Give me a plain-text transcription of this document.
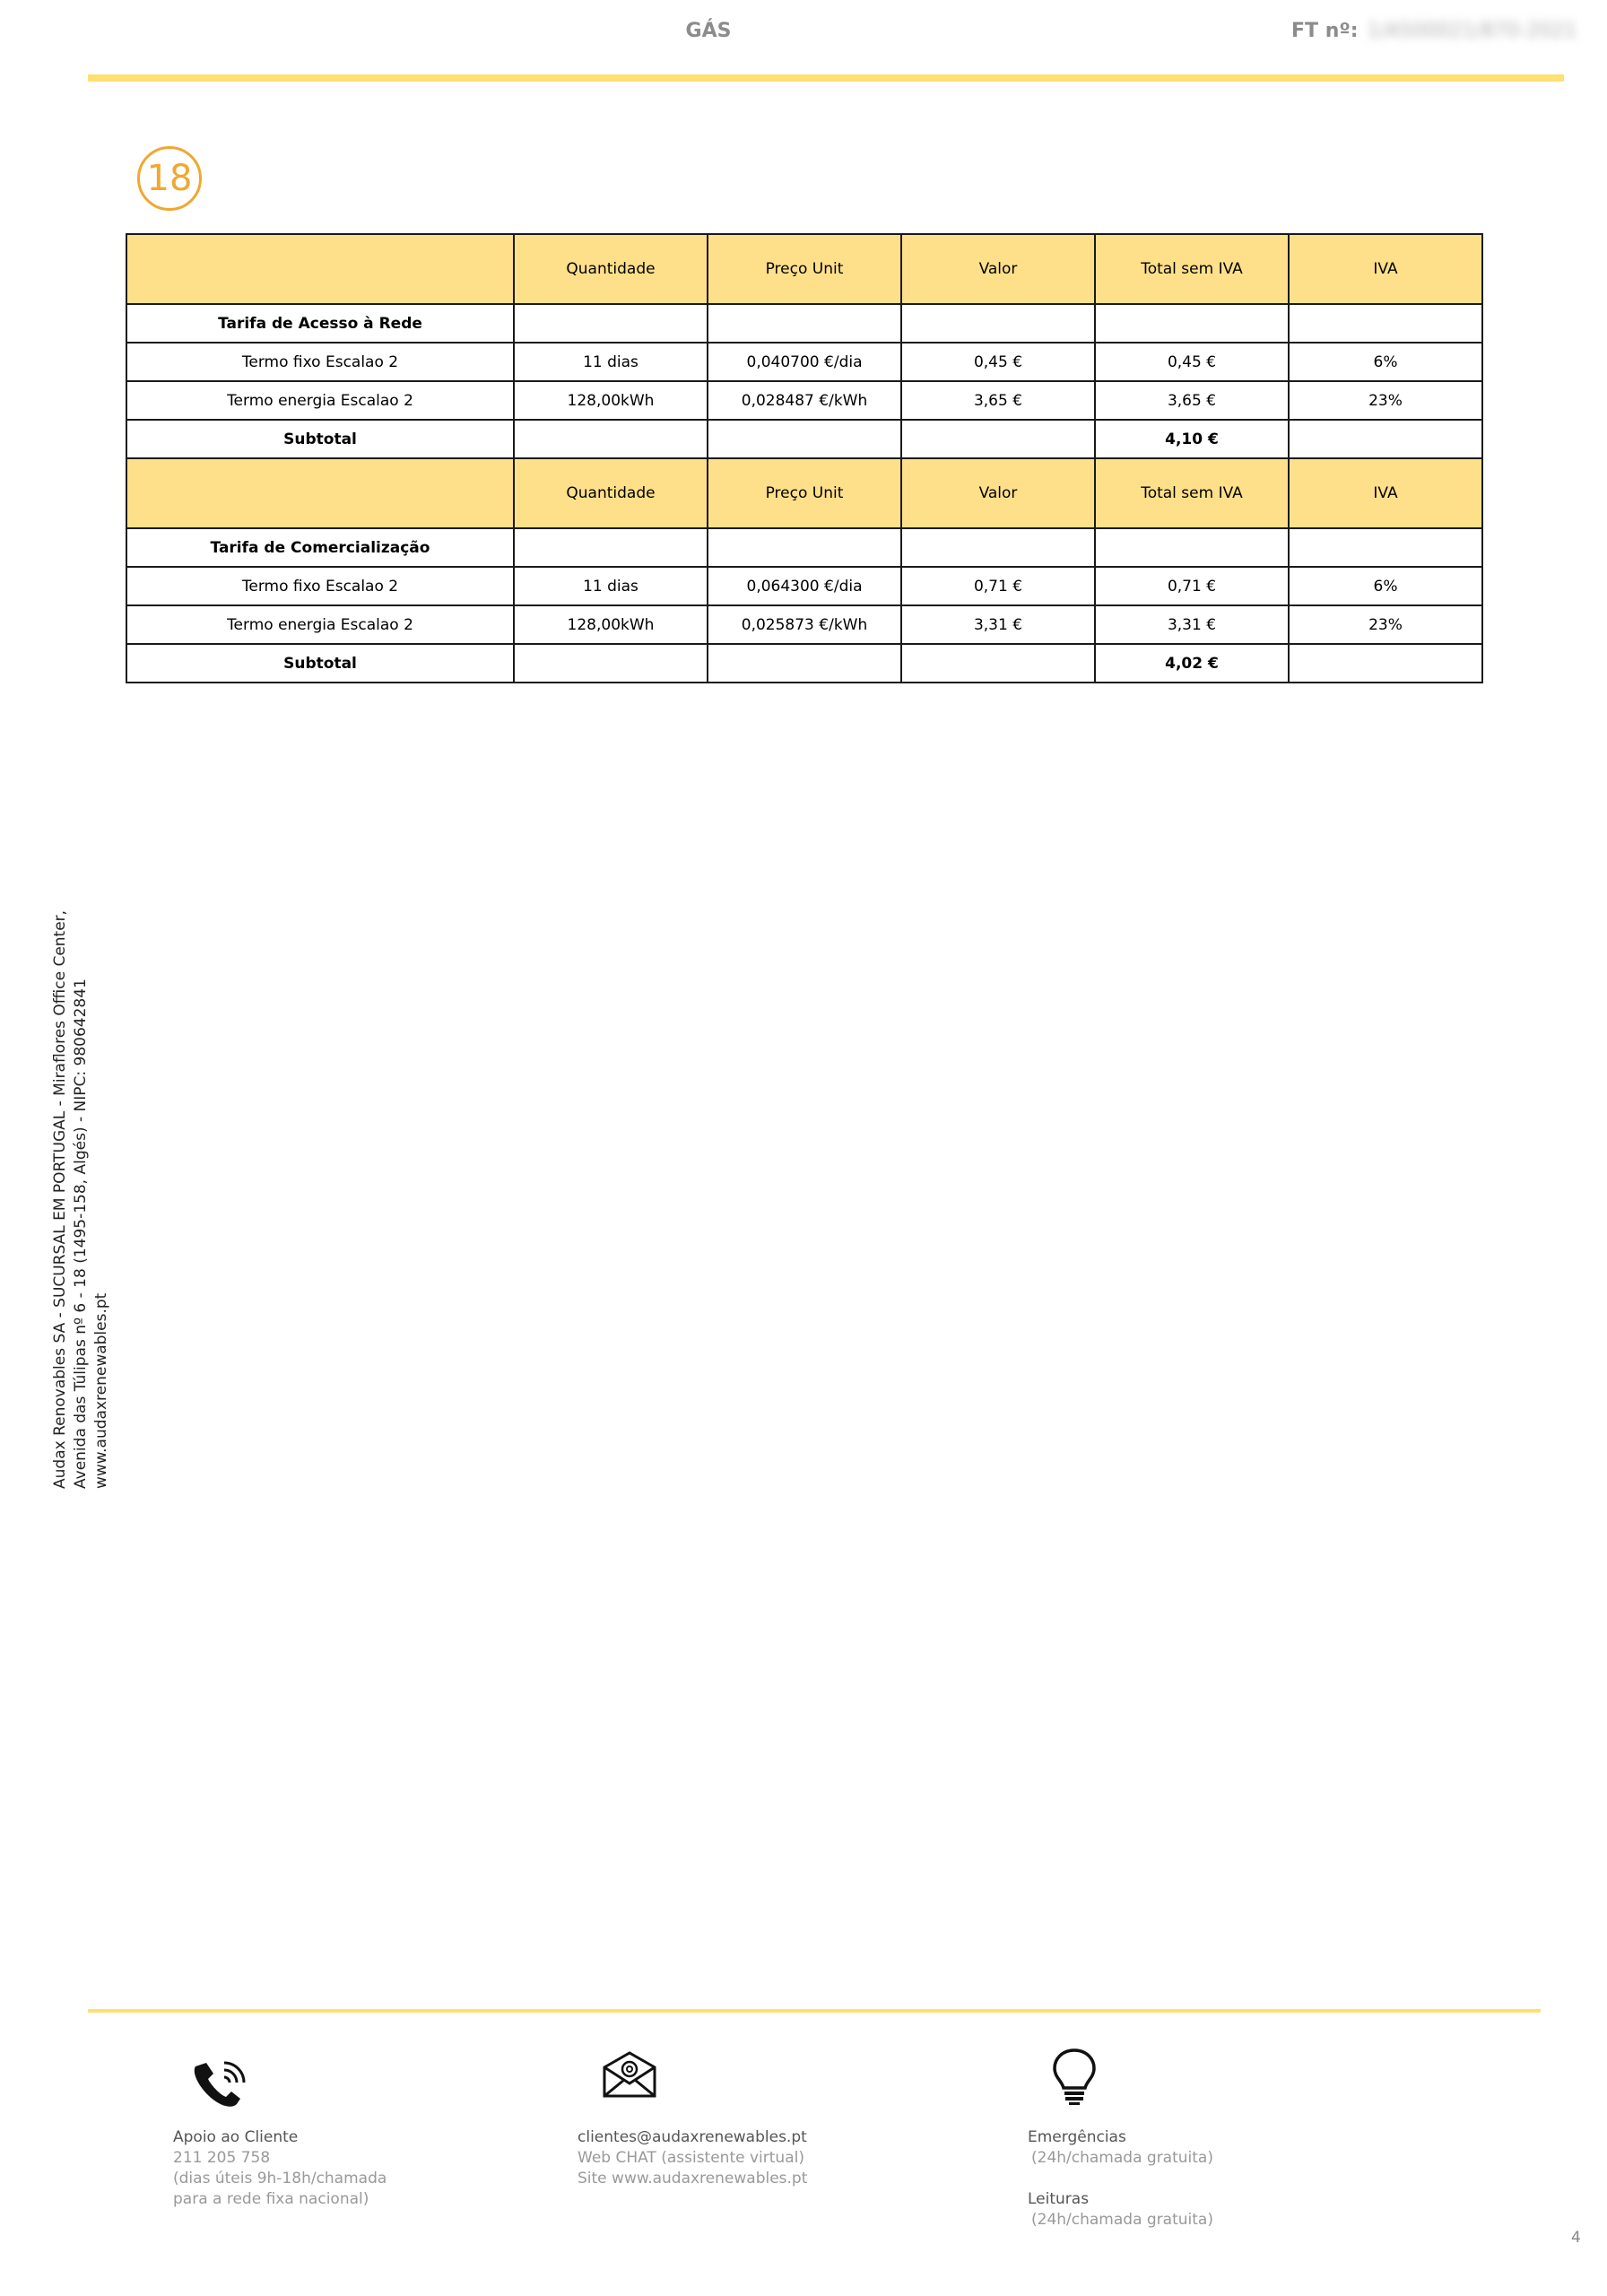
GÁS	FT nº: 1/A500021/870-2021
18
	Quantidade	Preço Unit	Valor	Total sem IVA	IVA
Tarifa de Acesso à Rede					
Termo fixo Escalao 2	11 dias	0,040700 €/dia	0,45 €	0,45 €	6%
Termo energia Escalao 2	128,00kWh	0,028487 €/kWh	3,65 €	3,65 €	23%
Subtotal				4,10 €	
	Quantidade	Preço Unit	Valor	Total sem IVA	IVA
Tarifa de Comercialização					
Termo fixo Escalao 2	11 dias	0,064300 €/dia	0,71 €	0,71 €	6%
Termo energia Escalao 2	128,00kWh	0,025873 €/kWh	3,31 €	3,31 €	23%
Subtotal				4,02 €	
Audax Renovables SA - SUCURSAL EM PORTUGAL - Miraflores Office Center, Avenida das Túlipas nº 6 - 18 (1495-158, Algés) - NIPC: 980642841 www.audaxrenewables.pt
Apoio ao Cliente
211 205 758
(dias úteis 9h-18h/chamada
para a rede fixa nacional)
clientes@audaxrenewables.pt
Web CHAT (assistente virtual)
Site www.audaxrenewables.pt
Emergências
(24h/chamada gratuita)
Leituras
(24h/chamada gratuita)
4
